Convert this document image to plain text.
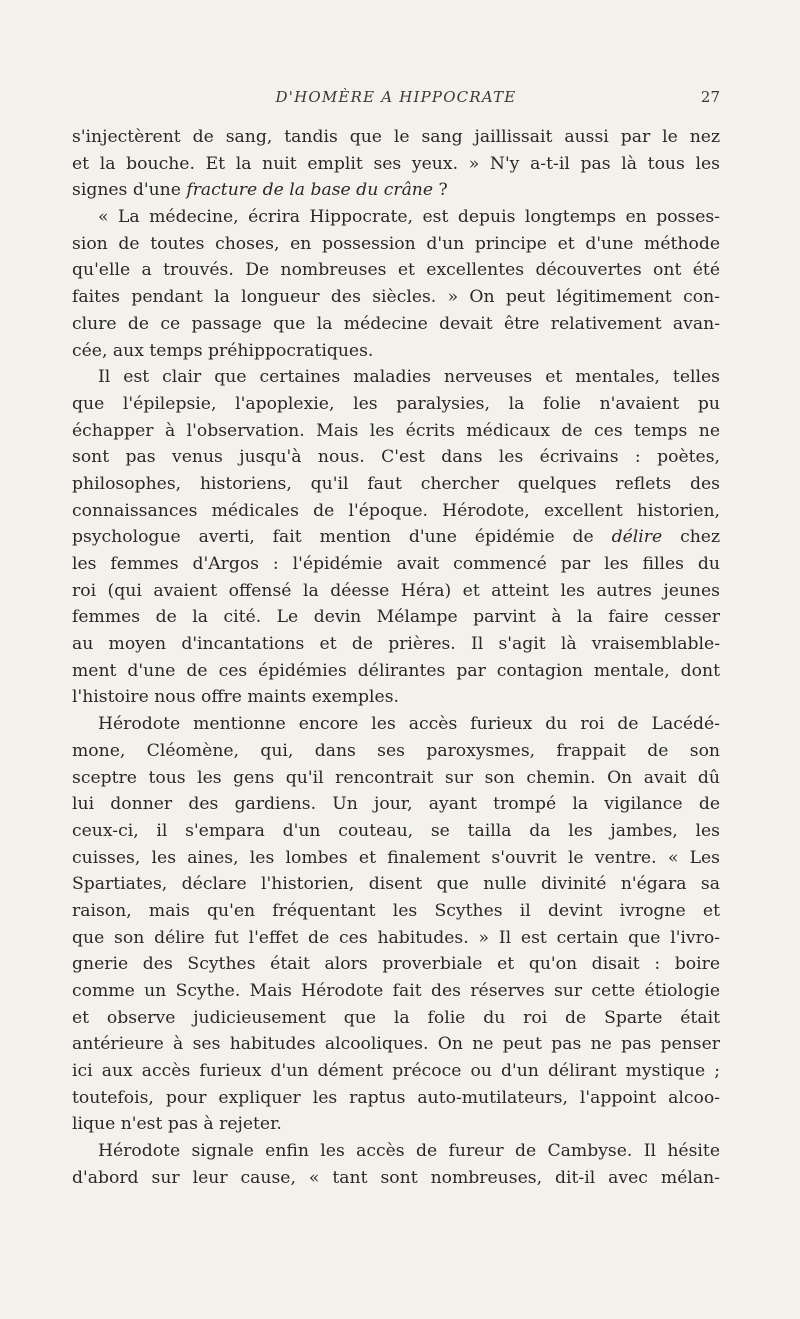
D'HOMÈRE A HIPPOCRATE	27
s'injectèrent de sang, tandis que le sang jaillissait aussi par le nez
et la bouche. Et la nuit emplit ses yeux. » N'y a-t-il pas là tous les
signes d'une fracture de la base du crâne ?
« La médecine, écrira Hippocrate, est depuis longtemps en posses-
sion de toutes choses, en possession d'un principe et d'une méthode
qu'elle a trouvés. De nombreuses et excellentes découvertes ont été
faites pendant la longueur des siècles. » On peut légitimement con-
clure de ce passage que la médecine devait être relativement avan-
cée, aux temps préhippocratiques.
Il est clair que certaines maladies nerveuses et mentales, telles
que l'épilepsie, l'apoplexie, les paralysies, la folie n'avaient pu
échapper à l'observation. Mais les écrits médicaux de ces temps ne
sont pas venus jusqu'à nous. C'est dans les écrivains : poètes,
philosophes, historiens, qu'il faut chercher quelques reflets des
connaissances médicales de l'époque. Hérodote, excellent historien,
psychologue averti, fait mention d'une épidémie de délire chez
les femmes d'Argos : l'épidémie avait commencé par les filles du
roi (qui avaient offensé la déesse Héra) et atteint les autres jeunes
femmes de la cité. Le devin Mélampe parvint à la faire cesser
au moyen d'incantations et de prières. Il s'agit là vraisemblable-
ment d'une de ces épidémies délirantes par contagion mentale, dont
l'histoire nous offre maints exemples.
Hérodote mentionne encore les accès furieux du roi de Lacédé-
mone, Cléomène, qui, dans ses paroxysmes, frappait de son
sceptre tous les gens qu'il rencontrait sur son chemin. On avait dû
lui donner des gardiens. Un jour, ayant trompé la vigilance de
ceux-ci, il s'empara d'un couteau, se tailla da les jambes, les
cuisses, les aines, les lombes et finalement s'ouvrit le ventre. « Les
Spartiates, déclare l'historien, disent que nulle divinité n'égara sa
raison, mais qu'en fréquentant les Scythes il devint ivrogne et
que son délire fut l'effet de ces habitudes. » Il est certain que l'ivro-
gnerie des Scythes était alors proverbiale et qu'on disait : boire
comme un Scythe. Mais Hérodote fait des réserves sur cette étiologie
et observe judicieusement que la folie du roi de Sparte était
antérieure à ses habitudes alcooliques. On ne peut pas ne pas penser
ici aux accès furieux d'un dément précoce ou d'un délirant mystique ;
toutefois, pour expliquer les raptus auto-mutilateurs, l'appoint alcoo-
lique n'est pas à rejeter.
Hérodote signale enfin les accès de fureur de Cambyse. Il hésite
d'abord sur leur cause, « tant sont nombreuses, dit-il avec mélan-
